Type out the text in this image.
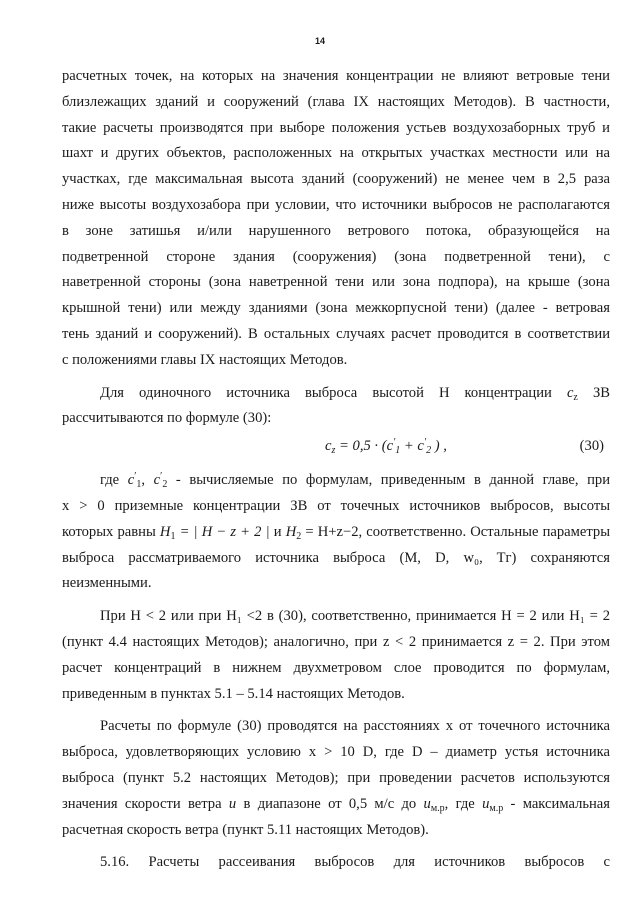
14
расчетных точек, на которых на значения концентрации не влияют ветровые тени
близлежащих зданий и сооружений (глава IX настоящих Методов). В частности,
такие расчеты производятся при выборе положения устьев воздухозаборных труб и
шахт и других объектов, расположенных на открытых участках местности или на
участках, где максимальная высота зданий (сооружений) не менее чем в 2,5 раза
ниже высоты воздухозабора при условии, что источники выбросов не располагаются
в зоне затишья и/или нарушенного ветрового потока, образующейся на
подветренной стороне здания (сооружения) (зона подветренной тени), с
наветренной стороны (зона наветренной тени или зона подпора), на крыше (зона
крышной тени) или между зданиями (зона межкорпусной тени) (далее - ветровая
тень зданий и сооружений). В остальных случаях расчет проводится в соответствии
с положениями главы IX настоящих Методов.
Для одиночного источника выброса высотой Н концентрации $c_z$ ЗВ
рассчитываются по формуле (30):
$c_z = 0,5 \cdot (c'_1 + c'_2$ ) ,	(30)
где $c'_1$, $c'_2$ - вычисляемые по формулам, приведенным в данной главе, при
х > 0 приземные концентрации ЗВ от точечных источников выбросов, высоты
которых равны $H_1$ = | H − z + 2 | и $H_2 = H+z-2$, соответственно. Остальные параметры
выброса рассматриваемого источника выброса (M, D, w₀, Tг) сохраняются
неизменными.
При H < 2 или при H₁ <2 в (30), соответственно, принимается H = 2 или H₁ = 2
(пункт 4.4 настоящих Методов); аналогично, при z < 2 принимается z = 2. При этом
расчет концентраций в нижнем двухметровом слое проводится по формулам,
приведенным в пунктах 5.1 – 5.14 настоящих Методов.
Расчеты по формуле (30) проводятся на расстояниях х от точечного источника
выброса, удовлетворяющих условию х > 10 D, где D – диаметр устья источника
выброса (пункт 5.2 настоящих Методов); при проведении расчетов используются
значения скорости ветра u в диапазоне от 0,5 м/с до $u_{м.р}$, где $u_{м.р}$ - максимальная
расчетная скорость ветра (пункт 5.11 настоящих Методов).
5.16. Расчеты рассеивания выбросов для источников выбросов с
